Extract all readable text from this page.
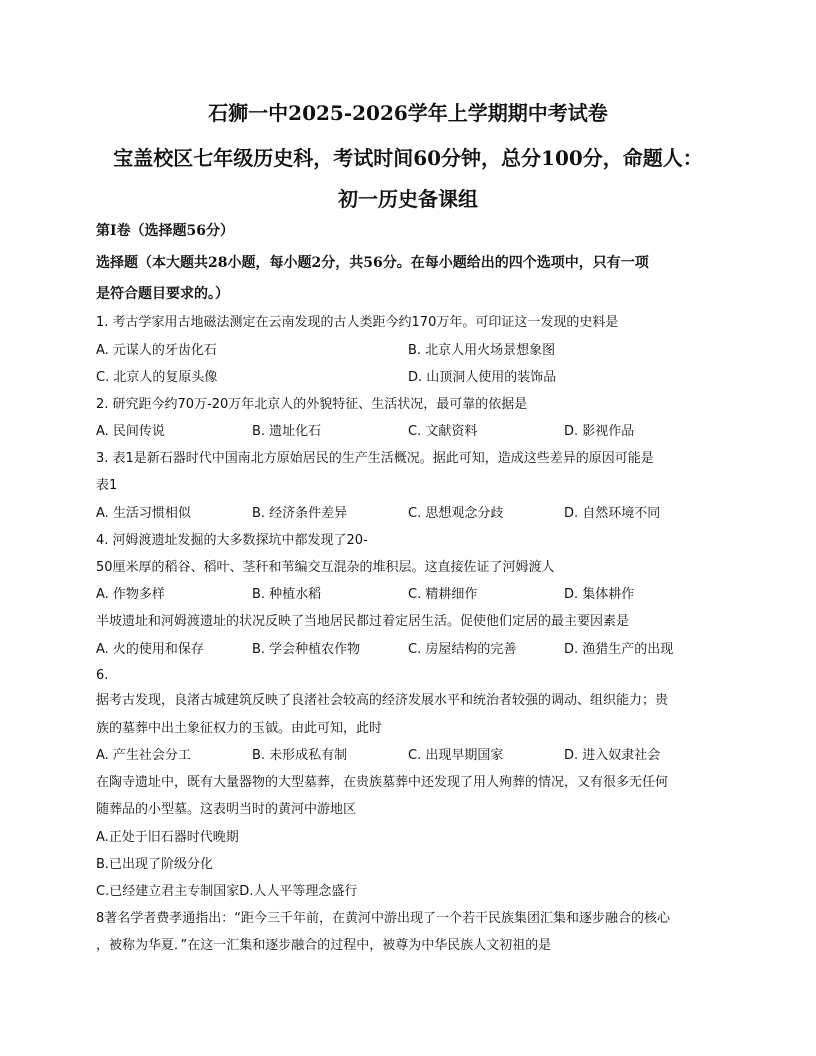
石狮一中2025-2026学年上学期期中考试卷
宝盖校区七年级历史科，考试时间60分钟，总分100分，命题人：
初一历史备课组
第Ⅰ卷（选择题56分）
选择题（本大题共28小题，每小题2分，共56分。在每小题给出的四个选项中，只有一项
是符合题目要求的。）
1. 考古学家用古地磁法测定在云南发现的古人类距今约170万年。可印证这一发现的史料是
A. 元谋人的牙齿化石	B. 北京人用火场景想象图
C. 北京人的复原头像	D. 山顶洞人使用的装饰品
2. 研究距今约70万-20万年北京人的外貌特征、生活状况，最可靠的依据是
A. 民间传说	B. 遗址化石	C. 文献资料	D. 影视作品
3. 表1是新石器时代中国南北方原始居民的生产生活概况。据此可知，造成这些差异的原因可能是
表1
A. 生活习惯相似	B. 经济条件差异	C. 思想观念分歧	D. 自然环境不同
4. 河姆渡遗址发掘的大多数探坑中都发现了20-
50厘米厚的稻谷、稻叶、茎秆和苇编交互混杂的堆积层。这直接佐证了河姆渡人
A. 作物多样	B. 种植水稻	C. 精耕细作	D. 集体耕作
半坡遗址和河姆渡遗址的状况反映了当地居民都过着定居生活。促使他们定居的最主要因素是
A. 火的使用和保存	B. 学会种植农作物	C. 房屋结构的完善	D. 渔猎生产的出现
6.
据考古发现，良渚古城建筑反映了良渚社会较高的经济发展水平和统治者较强的调动、组织能力；贵
族的墓葬中出土象征权力的玉钺。由此可知，此时
A. 产生社会分工	B. 未形成私有制	C. 出现早期国家	D. 进入奴隶社会
在陶寺遗址中，既有大量器物的大型墓葬，在贵族墓葬中还发现了用人殉葬的情况，又有很多无任何
随葬品的小型墓。这表明当时的黄河中游地区
A.正处于旧石器时代晚期
B.已出现了阶级分化
C.已经建立君主专制国家D.人人平等理念盛行
8著名学者费孝通指出：“距今三千年前，在黄河中游出现了一个若干民族集团汇集和逐步融合的核心
，被称为华夏．”在这一汇集和逐步融合的过程中，被尊为中华民族人文初祖的是
